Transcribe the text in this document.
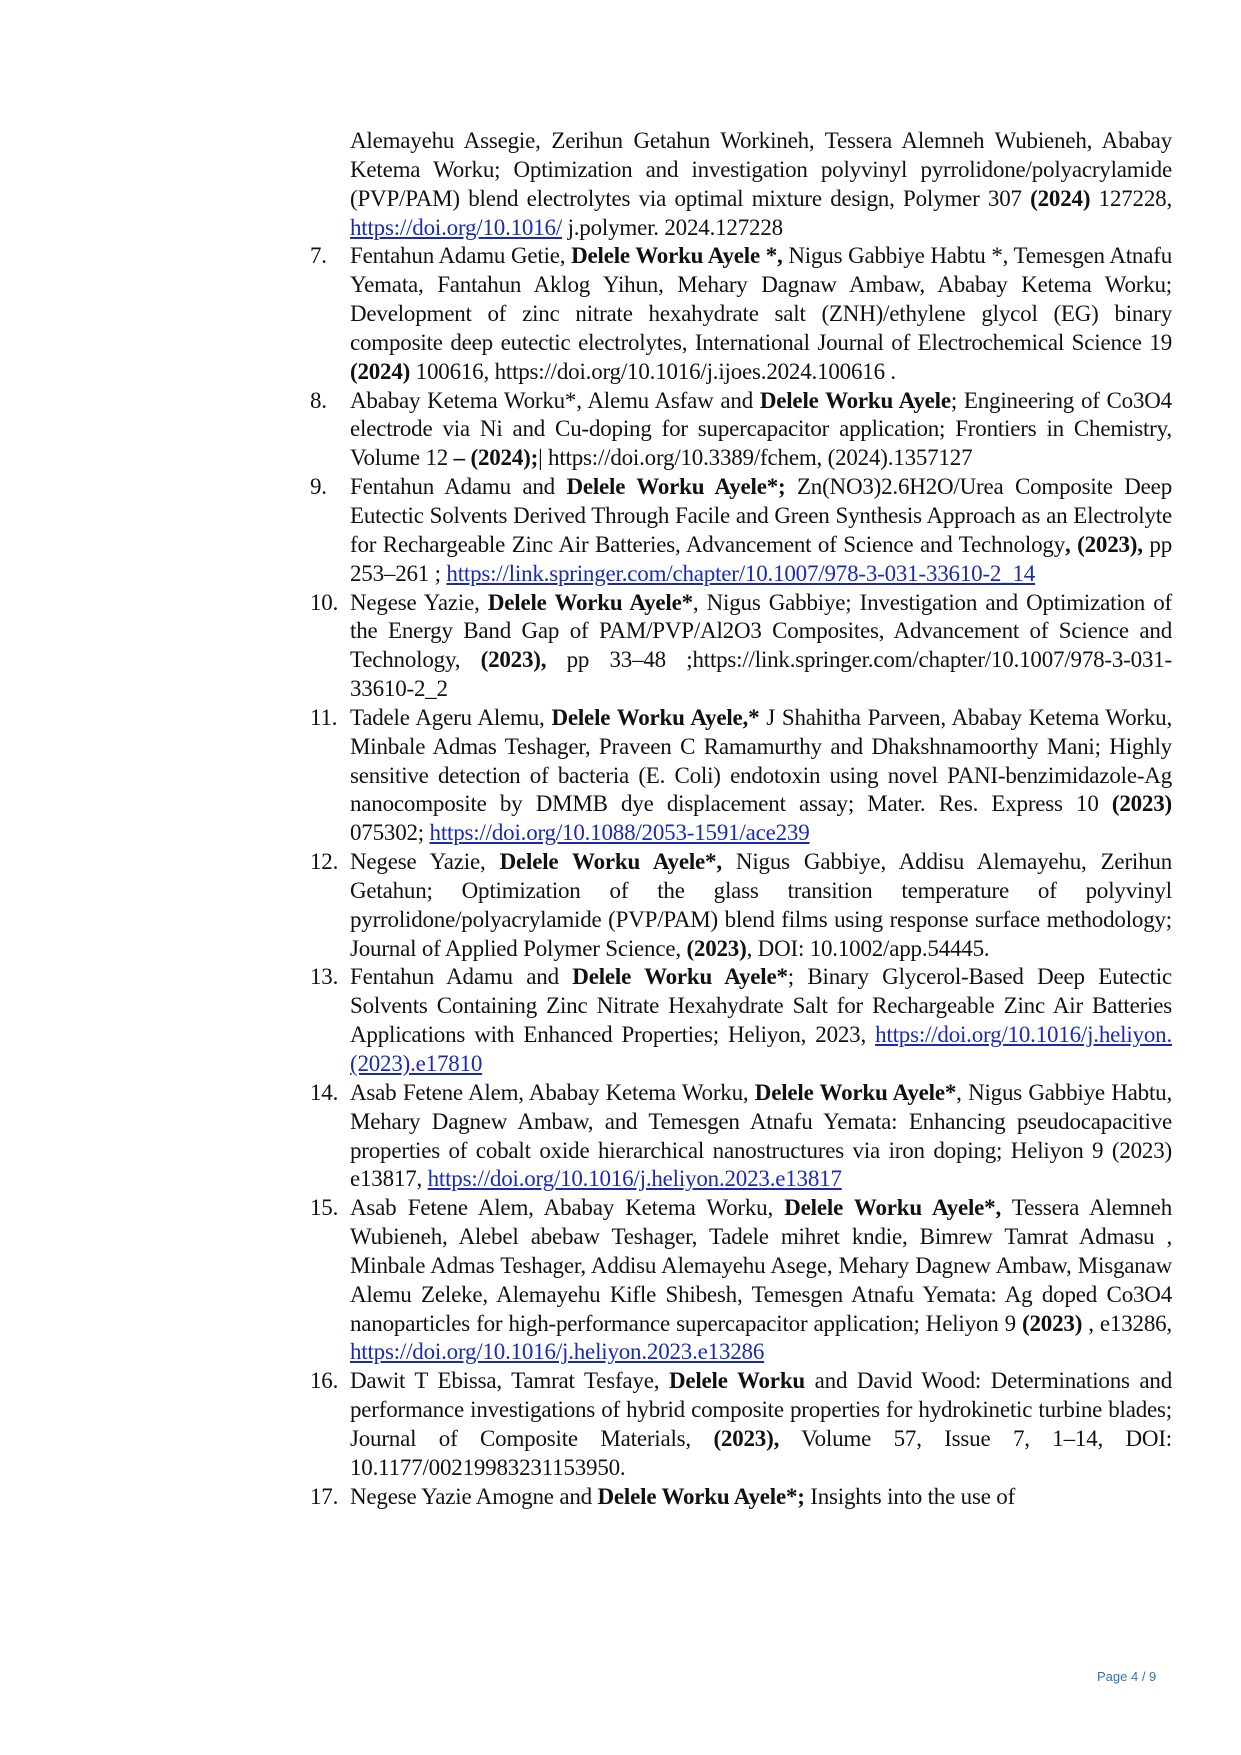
Alemayehu Assegie, Zerihun Getahun Workineh, Tessera Alemneh Wubieneh, Ababay Ketema Worku; Optimization and investigation polyvinyl pyrrolidone/polyacrylamide (PVP/PAM) blend electrolytes via optimal mixture design, Polymer 307 (2024) 127228, https://doi.org/10.1016/ j.polymer. 2024.127228
7.	Fentahun Adamu Getie, Delele Worku Ayele *, Nigus Gabbiye Habtu *, Temesgen Atnafu Yemata, Fantahun Aklog Yihun, Mehary Dagnaw Ambaw, Ababay Ketema Worku; Development of zinc nitrate hexahydrate salt (ZNH)/ethylene glycol (EG) binary composite deep eutectic electrolytes, International Journal of Electrochemical Science 19 (2024) 100616, https://doi.org/10.1016/j.ijoes.2024.100616 .
8.	Ababay Ketema Worku*, Alemu Asfaw and Delele Worku Ayele; Engineering of Co3O4 electrode via Ni and Cu-doping for supercapacitor application; Frontiers in Chemistry, Volume 12 – (2024);| https://doi.org/10.3389/fchem, (2024).1357127
9.	Fentahun Adamu and Delele Worku Ayele*; Zn(NO3)2.6H2O/Urea Composite Deep Eutectic Solvents Derived Through Facile and Green Synthesis Approach as an Electrolyte for Rechargeable Zinc Air Batteries, Advancement of Science and Technology, (2023), pp 253–261 ; https://link.springer.com/chapter/10.1007/978-3-031-33610-2_14
10. Negese Yazie, Delele Worku Ayele*, Nigus Gabbiye; Investigation and Optimization of the Energy Band Gap of PAM/PVP/Al2O3 Composites, Advancement of Science and Technology, (2023), pp 33–48 ;https://link.springer.com/chapter/10.1007/978-3-031-33610-2_2
11. Tadele Ageru Alemu, Delele Worku Ayele,* J Shahitha Parveen, Ababay Ketema Worku, Minbale Admas Teshager, Praveen C Ramamurthy and Dhakshnamoorthy Mani; Highly sensitive detection of bacteria (E. Coli) endotoxin using novel PANI-benzimidazole-Ag nanocomposite by DMMB dye displacement assay; Mater. Res. Express 10 (2023) 075302; https://doi.org/10.1088/2053-1591/ace239
12. Negese Yazie, Delele Worku Ayele*, Nigus Gabbiye, Addisu Alemayehu, Zerihun Getahun; Optimization of the glass transition temperature of polyvinyl pyrrolidone/polyacrylamide (PVP/PAM) blend films using response surface methodology; Journal of Applied Polymer Science, (2023), DOI: 10.1002/app.54445.
13. Fentahun Adamu and Delele Worku Ayele*; Binary Glycerol-Based Deep Eutectic Solvents Containing Zinc Nitrate Hexahydrate Salt for Rechargeable Zinc Air Batteries Applications with Enhanced Properties; Heliyon, 2023, https://doi.org/10.1016/j.heliyon.(2023).e17810
14. Asab Fetene Alem, Ababay Ketema Worku, Delele Worku Ayele*, Nigus Gabbiye Habtu, Mehary Dagnew Ambaw, and Temesgen Atnafu Yemata: Enhancing pseudocapacitive properties of cobalt oxide hierarchical nanostructures via iron doping; Heliyon 9 (2023) e13817, https://doi.org/10.1016/j.heliyon.2023.e13817
15. Asab Fetene Alem, Ababay Ketema Worku, Delele Worku Ayele*, Tessera Alemneh Wubieneh, Alebel abebaw Teshager, Tadele mihret kndie, Bimrew Tamrat Admasu , Minbale Admas Teshager, Addisu Alemayehu Asege, Mehary Dagnew Ambaw, Misganaw Alemu Zeleke, Alemayehu Kifle Shibesh, Temesgen Atnafu Yemata: Ag doped Co3O4 nanoparticles for high-performance supercapacitor application; Heliyon 9 (2023) , e13286, https://doi.org/10.1016/j.heliyon.2023.e13286
16. Dawit T Ebissa, Tamrat Tesfaye, Delele Worku and David Wood: Determinations and performance investigations of hybrid composite properties for hydrokinetic turbine blades; Journal of Composite Materials, (2023), Volume 57, Issue 7, 1–14, DOI: 10.1177/00219983231153950.
17. Negese Yazie Amogne and Delele Worku Ayele*; Insights into the use of
Page 4 / 9
